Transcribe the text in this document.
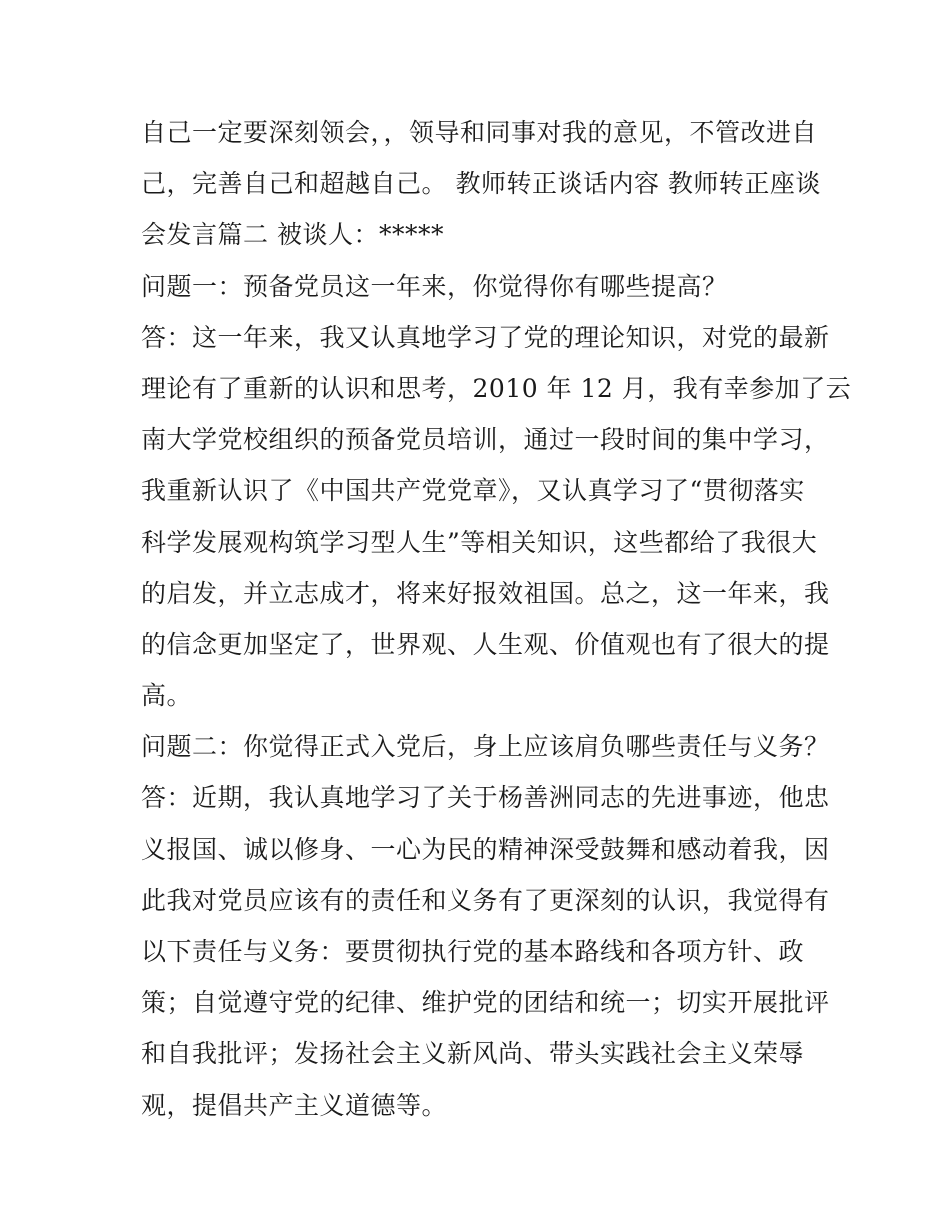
自己一定要深刻领会，，领导和同事对我的意见，不管改进自
己，完善自己和超越自己。 教师转正谈话内容 教师转正座谈
会发言篇二 被谈人：*****
问题一：预备党员这一年来，你觉得你有哪些提高？
答：这一年来，我又认真地学习了党的理论知识，对党的最新
理论有了重新的认识和思考，2010 年 12 月，我有幸参加了云
南大学党校组织的预备党员培训，通过一段时间的集中学习，
我重新认识了《中国共产党党章》，又认真学习了“贯彻落实
科学发展观构筑学习型人生”等相关知识，这些都给了我很大
的启发，并立志成才，将来好报效祖国。总之，这一年来，我
的信念更加坚定了，世界观、人生观、价值观也有了很大的提
高。
问题二：你觉得正式入党后，身上应该肩负哪些责任与义务？
答：近期，我认真地学习了关于杨善洲同志的先进事迹，他忠
义报国、诚以修身、一心为民的精神深受鼓舞和感动着我，因
此我对党员应该有的责任和义务有了更深刻的认识，我觉得有
以下责任与义务：要贯彻执行党的基本路线和各项方针、政
策；自觉遵守党的纪律、维护党的团结和统一；切实开展批评
和自我批评；发扬社会主义新风尚、带头实践社会主义荣辱
观，提倡共产主义道德等。
